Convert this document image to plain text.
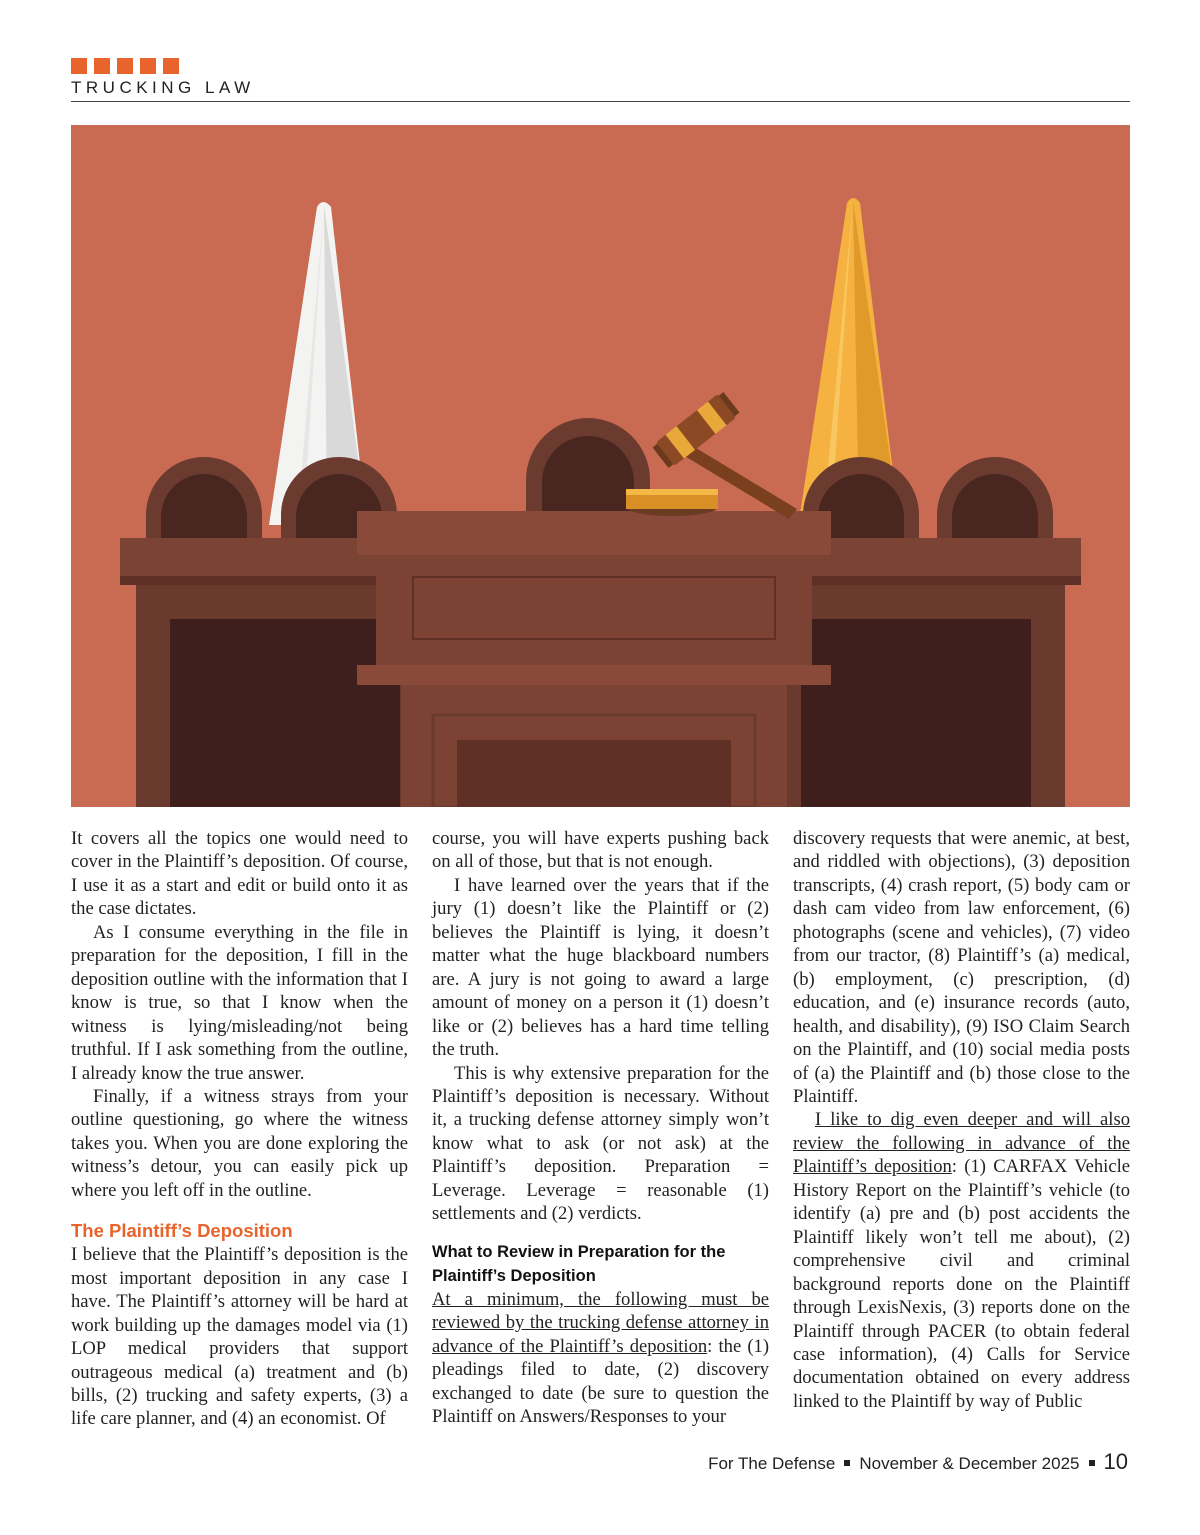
TRUCKING LAW

It covers all the topics one would need to cover in the Plaintiff’s deposition. Of course, I use it as a start and edit or build onto it as the case dictates.

As I consume everything in the file in preparation for the deposition, I fill in the deposition outline with the information that I know is true, so that I know when the witness is lying/misleading/not being truthful. If I ask something from the outline, I already know the true answer.

Finally, if a witness strays from your outline questioning, go where the witness takes you. When you are done exploring the witness’s detour, you can easily pick up where you left off in the outline.

The Plaintiff’s Deposition

I believe that the Plaintiff’s deposition is the most important deposition in any case I have. The Plaintiff’s attorney will be hard at work building up the damages model via (1) LOP medical providers that support outrageous medical (a) treatment and (b) bills, (2) trucking and safety experts, (3) a life care planner, and (4) an economist. Of

course, you will have experts pushing back on all of those, but that is not enough.

I have learned over the years that if the jury (1) doesn’t like the Plaintiff or (2) believes the Plaintiff is lying, it doesn’t matter what the huge blackboard numbers are. A jury is not going to award a large amount of money on a person it (1) doesn’t like or (2) believes has a hard time telling the truth.

This is why extensive preparation for the Plaintiff’s deposition is necessary. Without it, a trucking defense attorney simply won’t know what to ask (or not ask) at the Plaintiff’s deposition. Preparation = Leverage. Leverage = reasonable (1) settlements and (2) verdicts.

What to Review in Preparation for the Plaintiff’s Deposition

At a minimum, the following must be reviewed by the trucking defense attorney in advance of the Plaintiff’s deposition: the (1) pleadings filed to date, (2) discovery exchanged to date (be sure to question the Plaintiff on Answers/Responses to your

discovery requests that were anemic, at best, and riddled with objections), (3) deposition transcripts, (4) crash report, (5) body cam or dash cam video from law enforcement, (6) photographs (scene and vehicles), (7) video from our tractor, (8) Plaintiff’s (a) medical, (b) employment, (c) prescription, (d) education, and (e) insurance records (auto, health, and disability), (9) ISO Claim Search on the Plaintiff, and (10) social media posts of (a) the Plaintiff and (b) those close to the Plaintiff.

I like to dig even deeper and will also review the following in advance of the Plaintiff’s deposition: (1) CARFAX Vehicle History Report on the Plaintiff’s vehicle (to identify (a) pre and (b) post accidents the Plaintiff likely won’t tell me about), (2) comprehensive civil and criminal background reports done on the Plaintiff through LexisNexis, (3) reports done on the Plaintiff through PACER (to obtain federal case information), (4) Calls for Service documentation obtained on every address linked to the Plaintiff by way of Public

For The Defense November & December 2025 10
